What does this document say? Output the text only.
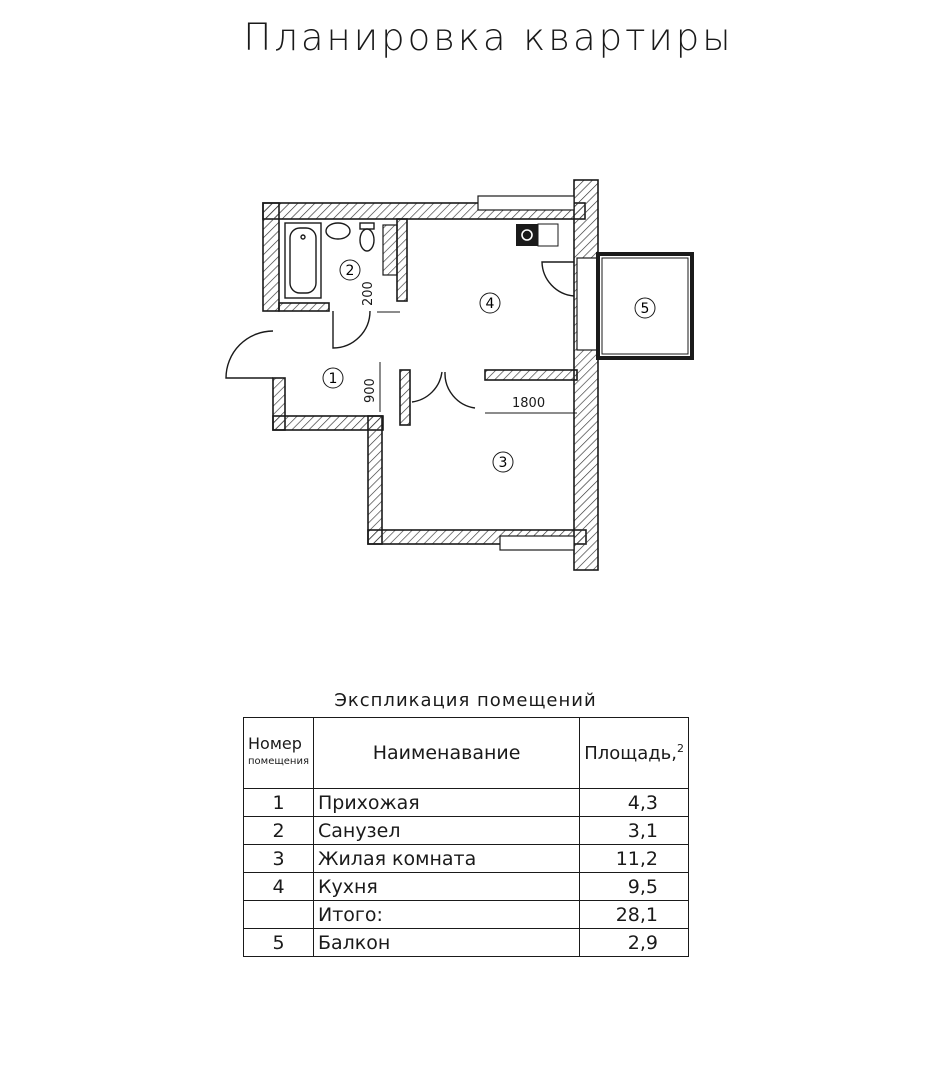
Планировка квартиры
1
2
3
4	5
200
900
1800
Экспликация помещений
Номер
помещения	Наименавание	Площадь,$^2$
1	Прихожая	4,3
2	Санузел	3,1
3	Жилая комната	11,2
4	Кухня	9,5
	Итого:	28,1
5	Балкон	2,9
